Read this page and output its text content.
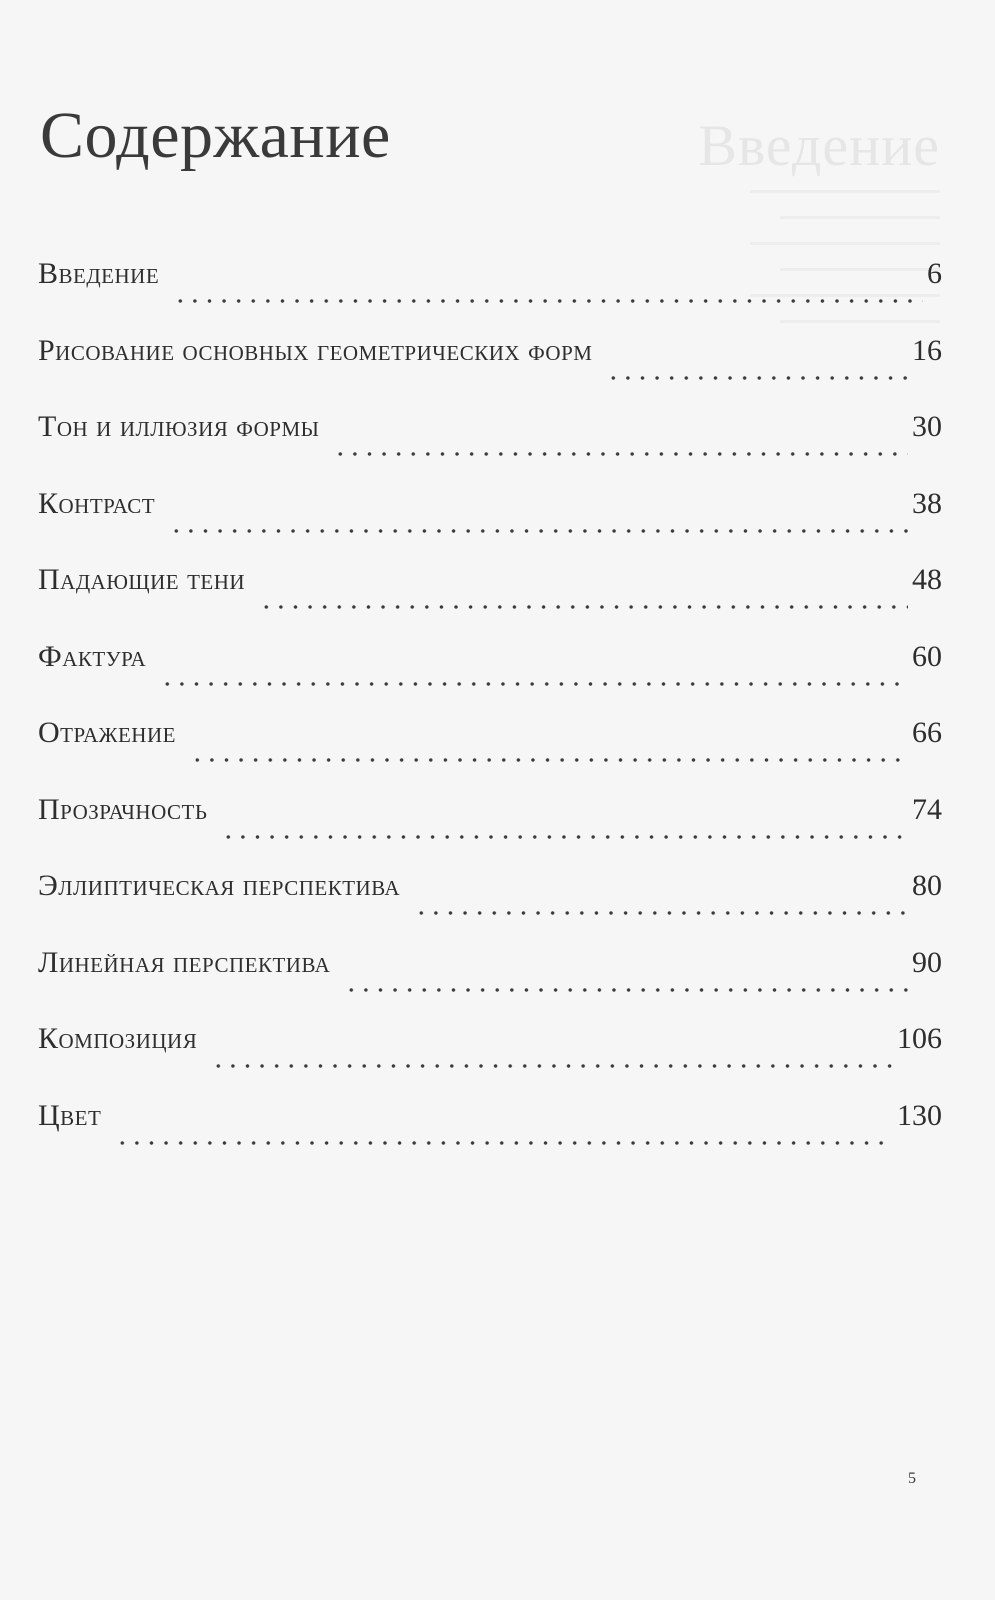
Введение
Содержание
Введение	6
Рисование основных геометрических форм	16
Тон и иллюзия формы	30
Контраст	38
Падающие тени	48
Фактура	60
Отражение	66
Прозрачность	74
Эллиптическая перспектива	80
Линейная перспектива	90
Композиция	106
Цвет	130
5
